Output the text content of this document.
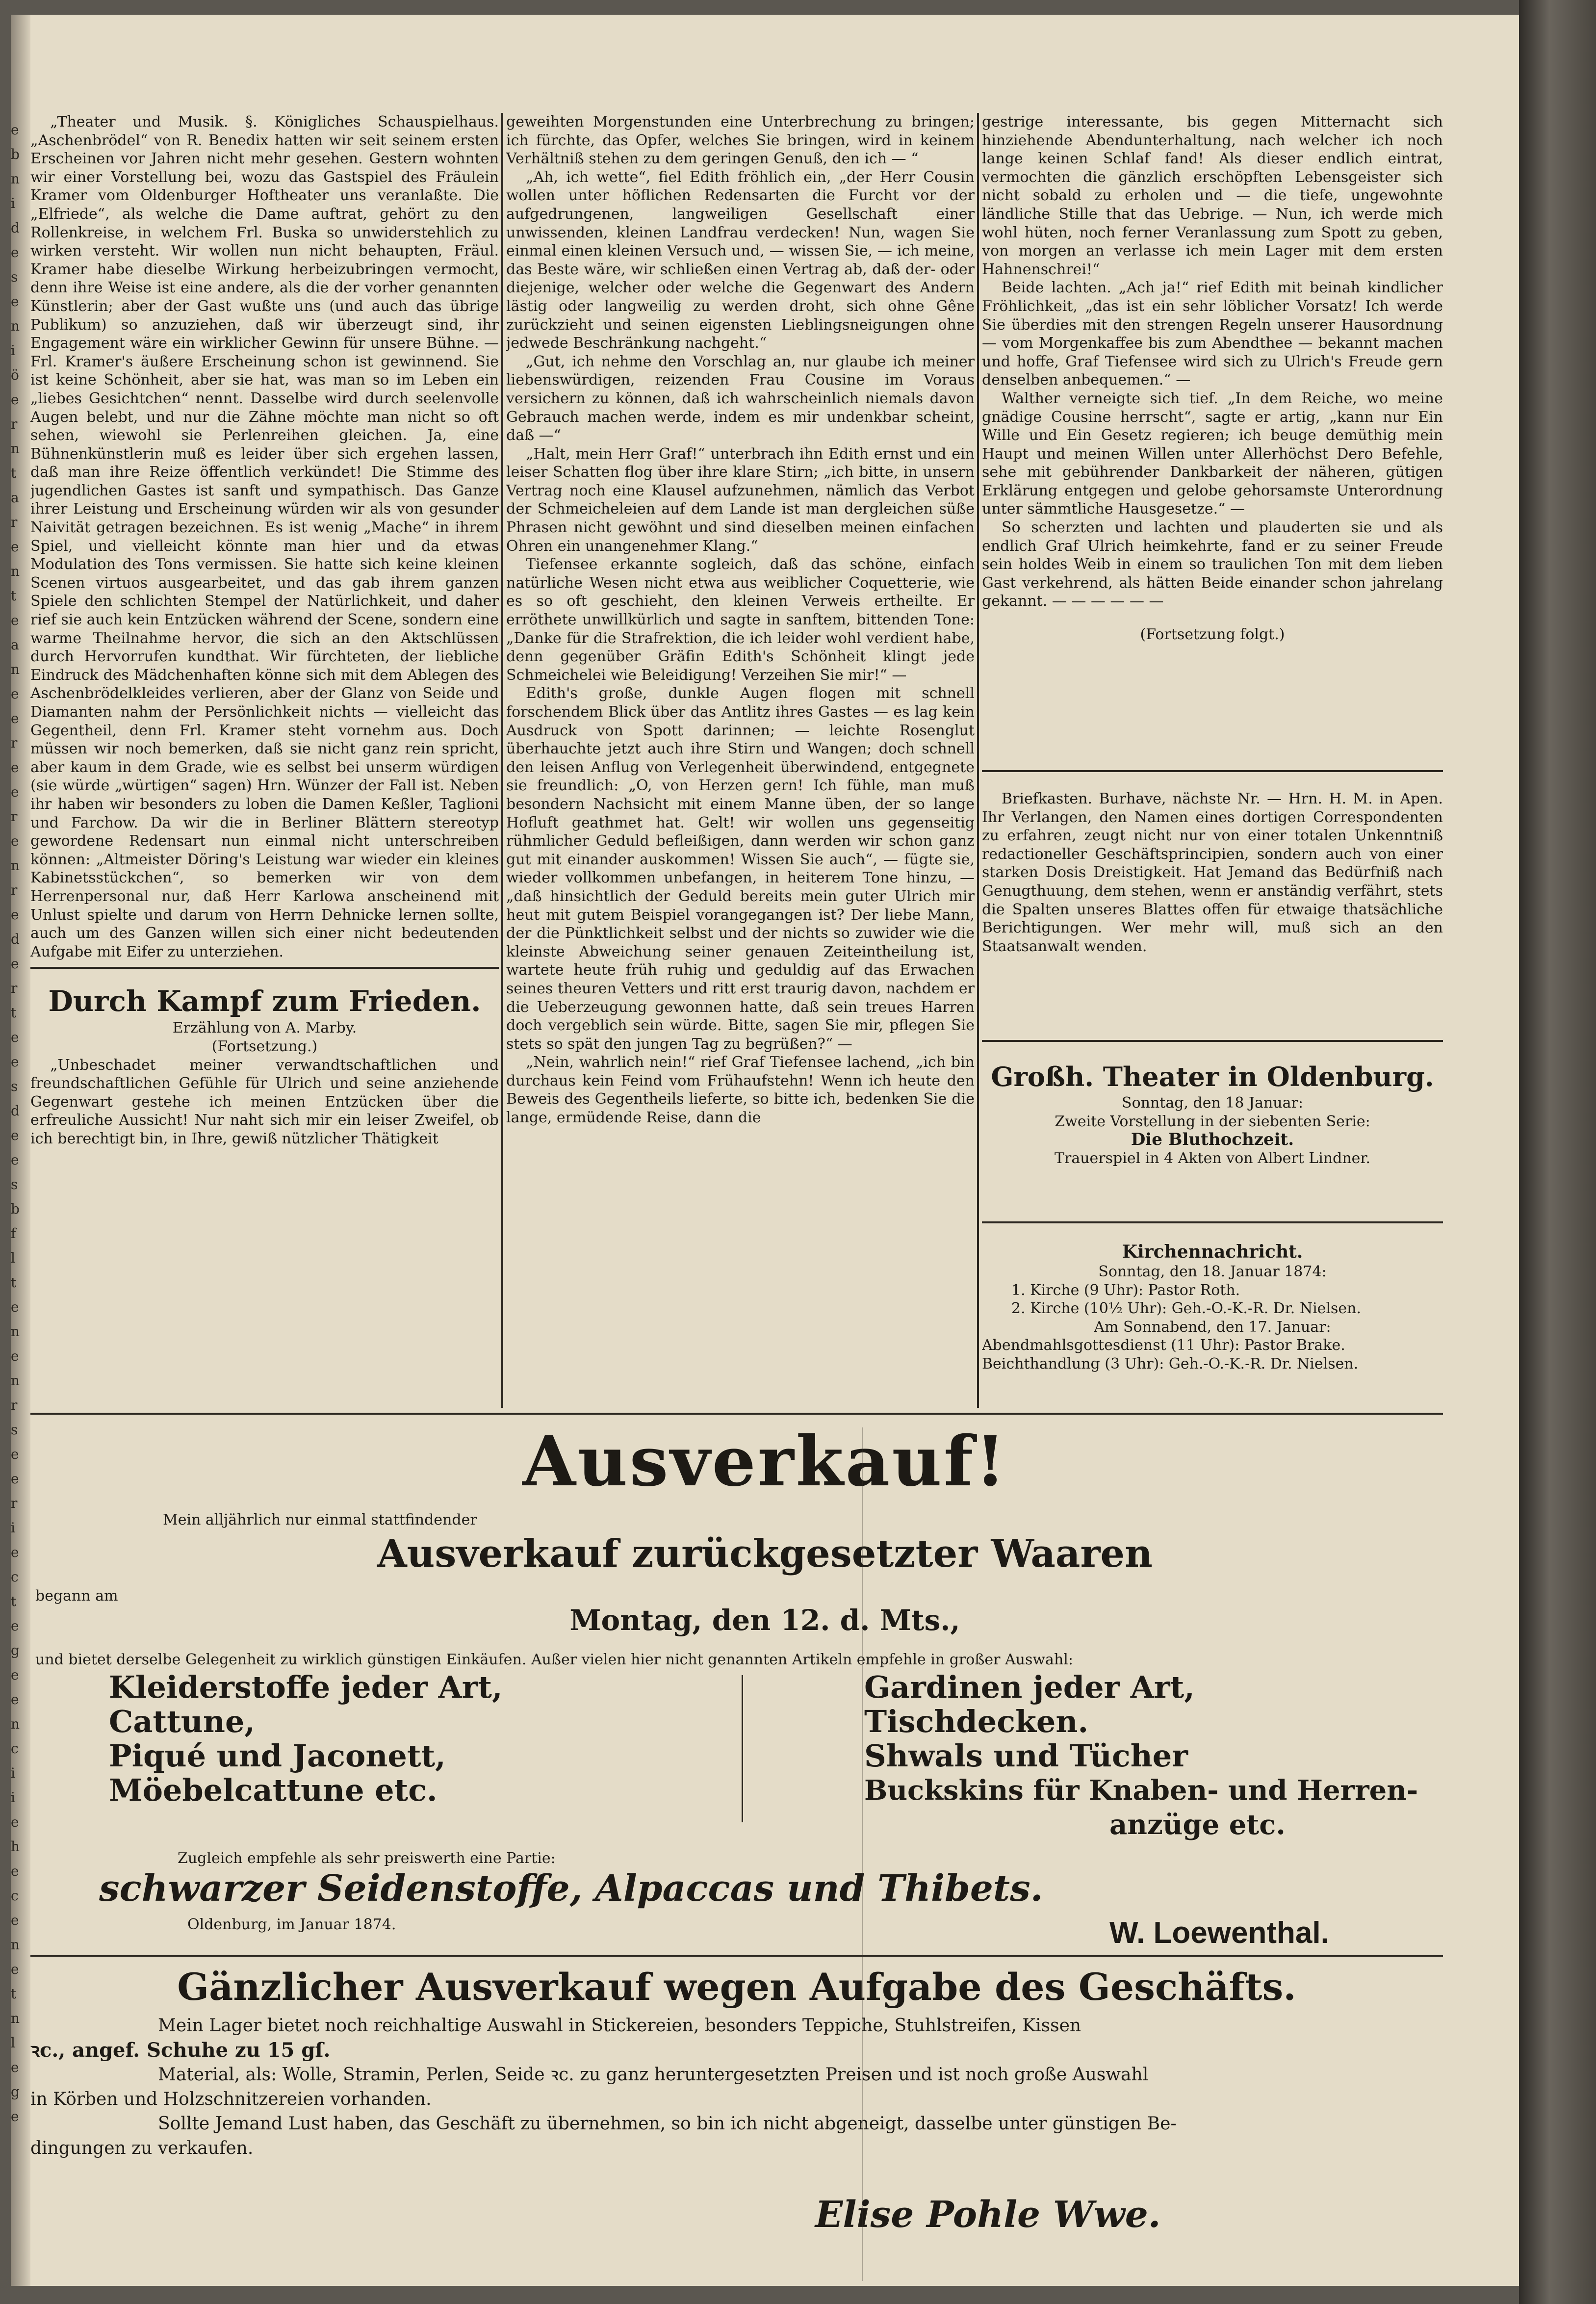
e
b
n
i
d
e
s
e
n
i
ö
e
r
n
t
a
r
e
n
t
e
a
n
e
e
r
e
e
r
e
n
r
e
d
e
r
t
e
e
s
d
e
e
s
b
f
l
t
e
n
e
n
r
s
e
e
r
i
e
c
t
e
g
e
e
n
c
i
i
e
h
e
c
e
n
e
t
n
l
e
g
e

„Theater und Musik. §. Königliches Schauspielhaus. „Aschenbrödel“ von R. Benedix hatten wir seit seinem ersten Erscheinen vor Jahren nicht mehr gesehen. Gestern wohnten wir einer Vorstellung bei, wozu das Gastspiel des Fräulein Kramer vom Oldenburger Hoftheater uns veranlaßte. Die „Elfriede“, als welche die Dame auftrat, gehört zu den Rollenkreise, in welchem Frl. Buska so unwiderstehlich zu wirken versteht. Wir wollen nun nicht behaupten, Fräul. Kramer habe dieselbe Wirkung herbeizubringen vermocht, denn ihre Weise ist eine andere, als die der vorher genannten Künstlerin; aber der Gast wußte uns (und auch das übrige Publikum) so anzuziehen, daß wir überzeugt sind, ihr Engagement wäre ein wirklicher Gewinn für unsere Bühne. — Frl. Kramer's äußere Erscheinung schon ist gewinnend. Sie ist keine Schönheit, aber sie hat, was man so im Leben ein „liebes Gesichtchen“ nennt. Dasselbe wird durch seelenvolle Augen belebt, und nur die Zähne möchte man nicht so oft sehen, wiewohl sie Perlenreihen gleichen. Ja, eine Bühnenkünstlerin muß es leider über sich ergehen lassen, daß man ihre Reize öffentlich verkündet! Die Stimme des jugendlichen Gastes ist sanft und sympathisch. Das Ganze ihrer Leistung und Erscheinung würden wir als von gesunder Naivität getragen bezeichnen. Es ist wenig „Mache“ in ihrem Spiel, und vielleicht könnte man hier und da etwas Modulation des Tons vermissen. Sie hatte sich keine kleinen Scenen virtuos ausgearbeitet, und das gab ihrem ganzen Spiele den schlichten Stempel der Natürlichkeit, und daher rief sie auch kein Entzücken während der Scene, sondern eine warme Theilnahme hervor, die sich an den Aktschlüssen durch Hervorrufen kundthat. Wir fürchteten, der liebliche Eindruck des Mädchenhaften könne sich mit dem Ablegen des Aschenbrödelkleides verlieren, aber der Glanz von Seide und Diamanten nahm der Persönlichkeit nichts — vielleicht das Gegentheil, denn Frl. Kramer steht vornehm aus. Doch müssen wir noch bemerken, daß sie nicht ganz rein spricht, aber kaum in dem Grade, wie es selbst bei unserm würdigen (sie würde „würtigen“ sagen) Hrn. Wünzer der Fall ist. Neben ihr haben wir besonders zu loben die Damen Keßler, Taglioni und Farchow. Da wir die in Berliner Blättern stereotyp gewordene Redensart nun einmal nicht unterschreiben können: „Altmeister Döring's Leistung war wieder ein kleines Kabinetsstückchen“, so bemerken wir von dem Herrenpersonal nur, daß Herr Karlowa anscheinend mit Unlust spielte und darum von Herrn Dehnicke lernen sollte, auch um des Ganzen willen sich einer nicht bedeutenden Aufgabe mit Eifer zu unterziehen.

Durch Kampf zum Frieden.

Erzählung von A. Marby.

(Fortsetzung.)

„Unbeschadet meiner verwandtschaftlichen und freundschaftlichen Gefühle für Ulrich und seine anziehende Gegenwart gestehe ich meinen Entzücken über die erfreuliche Aussicht! Nur naht sich mir ein leiser Zweifel, ob ich berechtigt bin, in Ihre, gewiß nützlicher Thätigkeit

geweihten Morgenstunden eine Unterbrechung zu bringen; ich fürchte, das Opfer, welches Sie bringen, wird in keinem Verhältniß stehen zu dem geringen Genuß, den ich — “

„Ah, ich wette“, fiel Edith fröhlich ein, „der Herr Cousin wollen unter höflichen Redensarten die Furcht vor der aufgedrungenen, langweiligen Gesellschaft einer unwissenden, kleinen Landfrau verdecken! Nun, wagen Sie einmal einen kleinen Versuch und, — wissen Sie, — ich meine, das Beste wäre, wir schließen einen Vertrag ab, daß der- oder diejenige, welcher oder welche die Gegenwart des Andern lästig oder langweilig zu werden droht, sich ohne Gêne zurückzieht und seinen eigensten Lieblingsneigungen ohne jedwede Beschränkung nachgeht.“

„Gut, ich nehme den Vorschlag an, nur glaube ich meiner liebenswürdigen, reizenden Frau Cousine im Voraus versichern zu können, daß ich wahrscheinlich niemals davon Gebrauch machen werde, indem es mir undenkbar scheint, daß —“

„Halt, mein Herr Graf!“ unterbrach ihn Edith ernst und ein leiser Schatten flog über ihre klare Stirn; „ich bitte, in unsern Vertrag noch eine Klausel aufzunehmen, nämlich das Verbot der Schmeicheleien auf dem Lande ist man dergleichen süße Phrasen nicht gewöhnt und sind dieselben meinen einfachen Ohren ein unangenehmer Klang.“

Tiefensee erkannte sogleich, daß das schöne, einfach natürliche Wesen nicht etwa aus weiblicher Coquetterie, wie es so oft geschieht, den kleinen Verweis ertheilte. Er erröthete unwillkürlich und sagte in sanftem, bittenden Tone: „Danke für die Strafrektion, die ich leider wohl verdient habe, denn gegenüber Gräfin Edith's Schönheit klingt jede Schmeichelei wie Beleidigung! Verzeihen Sie mir!“ —

Edith's große, dunkle Augen flogen mit schnell forschendem Blick über das Antlitz ihres Gastes — es lag kein Ausdruck von Spott darinnen; — leichte Rosenglut überhauchte jetzt auch ihre Stirn und Wangen; doch schnell den leisen Anflug von Verlegenheit überwindend, entgegnete sie freundlich: „O, von Herzen gern! Ich fühle, man muß besondern Nachsicht mit einem Manne üben, der so lange Hofluft geathmet hat. Gelt! wir wollen uns gegenseitig rühmlicher Geduld befleißigen, dann werden wir schon ganz gut mit einander auskommen! Wissen Sie auch“, — fügte sie, wieder vollkommen unbefangen, in heiterem Tone hinzu, — „daß hinsichtlich der Geduld bereits mein guter Ulrich mir heut mit gutem Beispiel vorangegangen ist? Der liebe Mann, der die Pünktlichkeit selbst und der nichts so zuwider wie die kleinste Abweichung seiner genauen Zeiteintheilung ist, wartete heute früh ruhig und geduldig auf das Erwachen seines theuren Vetters und ritt erst traurig davon, nachdem er die Ueberzeugung gewonnen hatte, daß sein treues Harren doch vergeblich sein würde. Bitte, sagen Sie mir, pflegen Sie stets so spät den jungen Tag zu begrüßen?“ —

„Nein, wahrlich nein!“ rief Graf Tiefensee lachend, „ich bin durchaus kein Feind vom Frühaufstehn! Wenn ich heute den Beweis des Gegentheils lieferte, so bitte ich, bedenken Sie die lange, ermüdende Reise, dann die

gestrige interessante, bis gegen Mitternacht sich hinziehende Abendunterhaltung, nach welcher ich noch lange keinen Schlaf fand! Als dieser endlich eintrat, vermochten die gänzlich erschöpften Lebensgeister sich nicht sobald zu erholen und — die tiefe, ungewohnte ländliche Stille that das Uebrige. — Nun, ich werde mich wohl hüten, noch ferner Veranlassung zum Spott zu geben, von morgen an verlasse ich mein Lager mit dem ersten Hahnenschrei!“

Beide lachten. „Ach ja!“ rief Edith mit beinah kindlicher Fröhlichkeit, „das ist ein sehr löblicher Vorsatz! Ich werde Sie überdies mit den strengen Regeln unserer Hausordnung — vom Morgenkaffee bis zum Abendthee — bekannt machen und hoffe, Graf Tiefensee wird sich zu Ulrich's Freude gern denselben anbequemen.“ —

Walther verneigte sich tief. „In dem Reiche, wo meine gnädige Cousine herrscht“, sagte er artig, „kann nur Ein Wille und Ein Gesetz regieren; ich beuge demüthig mein Haupt und meinen Willen unter Allerhöchst Dero Befehle, sehe mit gebührender Dankbarkeit der näheren, gütigen Erklärung entgegen und gelobe gehorsamste Unterordnung unter sämmtliche Hausgesetze.“ —

So scherzten und lachten und plauderten sie und als endlich Graf Ulrich heimkehrte, fand er zu seiner Freude sein holdes Weib in einem so traulichen Ton mit dem lieben Gast verkehrend, als hätten Beide einander schon jahrelang gekannt. — — — — — —

(Fortsetzung folgt.)

Briefkasten. Burhave, nächste Nr. — Hrn. H. M. in Apen. Ihr Verlangen, den Namen eines dortigen Correspondenten zu erfahren, zeugt nicht nur von einer totalen Unkenntniß redactioneller Geschäftsprincipien, sondern auch von einer starken Dosis Dreistigkeit. Hat Jemand das Bedürfniß nach Genugthuung, dem stehen, wenn er anständig verfährt, stets die Spalten unseres Blattes offen für etwaige thatsächliche Berichtigungen. Wer mehr will, muß sich an den Staatsanwalt wenden.

Großh. Theater in Oldenburg.

Sonntag, den 18 Januar:

Zweite Vorstellung in der siebenten Serie:

Die Bluthochzeit.

Trauerspiel in 4 Akten von Albert Lindner.

Kirchennachricht.

Sonntag, den 18. Januar 1874:

1. Kirche (9 Uhr): Pastor Roth.

2. Kirche (10½ Uhr): Geh.-O.-K.-R. Dr. Nielsen.

Am Sonnabend, den 17. Januar:

Abendmahlsgottesdienst (11 Uhr): Pastor Brake.

Beichthandlung (3 Uhr): Geh.-O.-K.-R. Dr. Nielsen.

Ausverkauf!
Mein alljährlich nur einmal stattfindender
Ausverkauf zurückgesetzter Waaren
begann am
Montag, den 12. d. Mts.,
und bietet derselbe Gelegenheit zu wirklich günstigen Einkäufen. Außer vielen hier nicht genannten Artikeln empfehle in großer Auswahl:
Kleiderstoffe jeder Art,
Cattune,
Piqué und Jaconett,
Möebelcattune etc.
Gardinen jeder Art,
Tischdecken.
Shwals und Tücher
Buckskins für Knaben- und Herren-
anzüge etc.
Zugleich empfehle als sehr preiswerth eine Partie:
schwarzer Seidenstoffe, Alpaccas und Thibets.
Oldenburg, im Januar 1874.	W. Loewenthal.
Gänzlicher Ausverkauf wegen Aufgabe des Geschäfts.
Mein Lager bietet noch reichhaltige Auswahl in Stickereien, besonders Teppiche, Stuhlstreifen, Kissen
ꝛc., angef. Schuhe zu 15 gſ.
Material, als: Wolle, Stramin, Perlen, Seide ꝛc. zu ganz heruntergesetzten Preisen und ist noch große Auswahl
in Körben und Holzschnitzereien vorhanden.
Sollte Jemand Lust haben, das Geschäft zu übernehmen, so bin ich nicht abgeneigt, dasselbe unter günstigen Be-
dingungen zu verkaufen.
Elise Pohle Wwe.
